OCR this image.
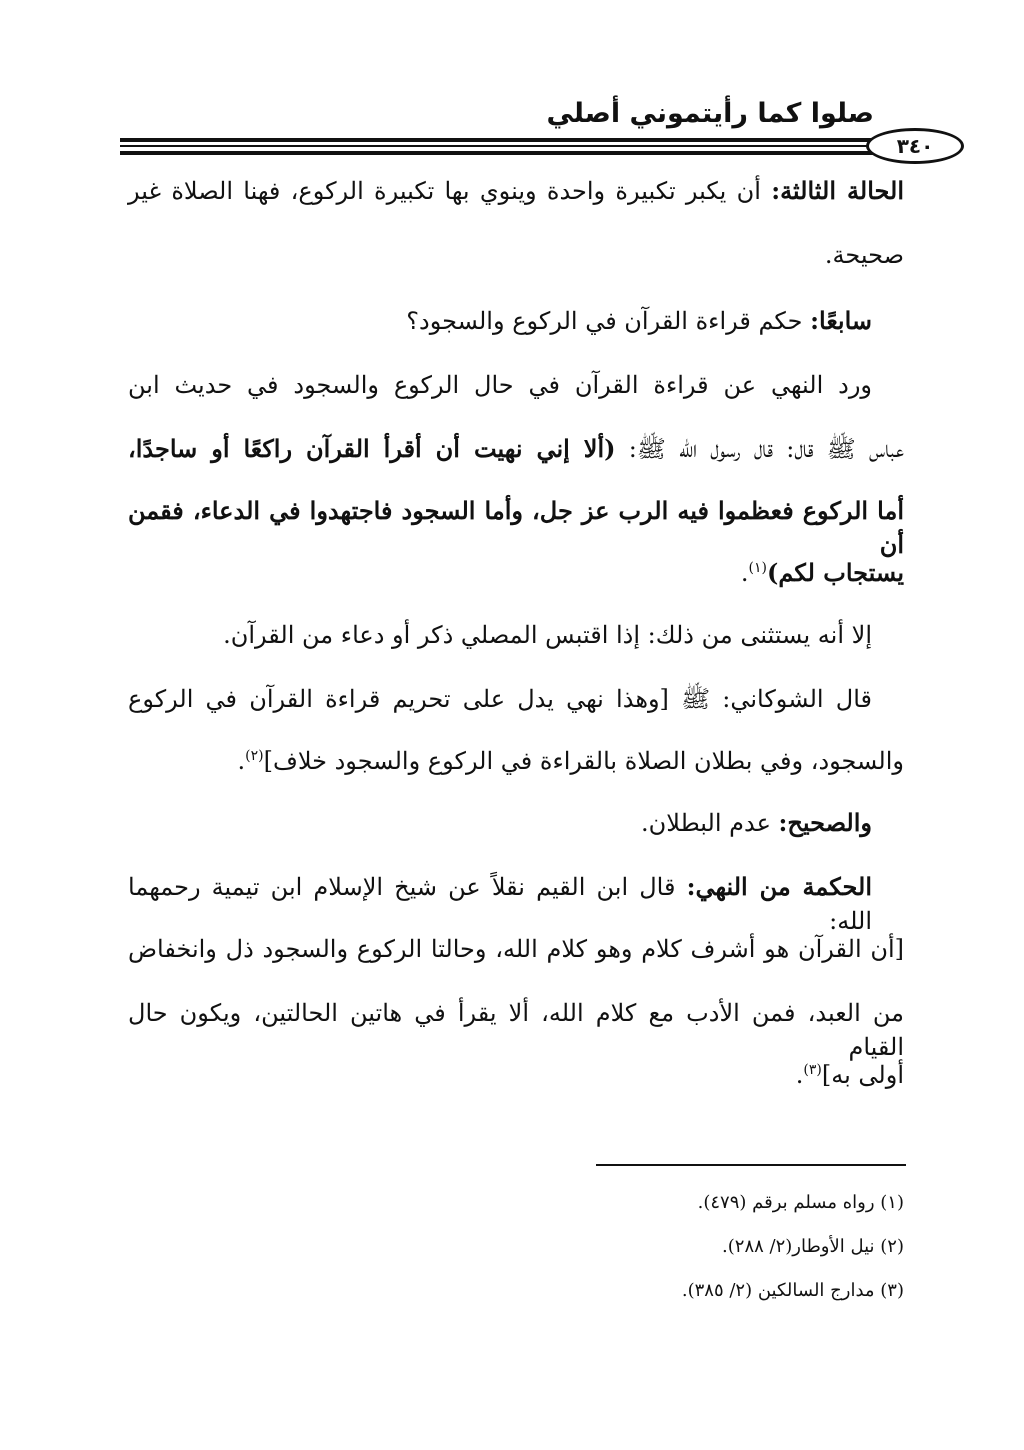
صلوا كما رأيتموني أصلي
٣٤٠
الحالة الثالثة: أن يكبر تكبيرة واحدة وينوي بها تكبيرة الركوع، فهنا الصلاة غير
صحيحة.
سابعًا: حكم قراءة القرآن في الركوع والسجود؟
ورد النهي عن قراءة القرآن في حال الركوع والسجود في حديث ابن
عباس ﷺ قال: قال رسول الله ﷺ: (ألا إني نهيت أن أقرأ القرآن راكعًا أو ساجدًا،
أما الركوع فعظموا فيه الرب عز جل، وأما السجود فاجتهدوا في الدعاء، فقمن أن
يستجاب لكم)$^{(١)}$.
إلا أنه يستثنى من ذلك: إذا اقتبس المصلي ذكر أو دعاء من القرآن.
قال الشوكاني: ﷺ [وهذا نهي يدل على تحريم قراءة القرآن في الركوع
والسجود، وفي بطلان الصلاة بالقراءة في الركوع والسجود خلاف]$^{(٢)}$.
والصحيح: عدم البطلان.
الحكمة من النهي: قال ابن القيم نقلاً عن شيخ الإسلام ابن تيمية رحمهما الله:
[أن القرآن هو أشرف كلام وهو كلام الله، وحالتا الركوع والسجود ذل وانخفاض
من العبد، فمن الأدب مع كلام الله، ألا يقرأ في هاتين الحالتين، ويكون حال القيام
أولى به]$^{(٣)}$.
(١) رواه مسلم برقم (٤٧٩).
(٢) نيل الأوطار(٢/ ٢٨٨).
(٣) مدارج السالكين (٢/ ٣٨٥).
